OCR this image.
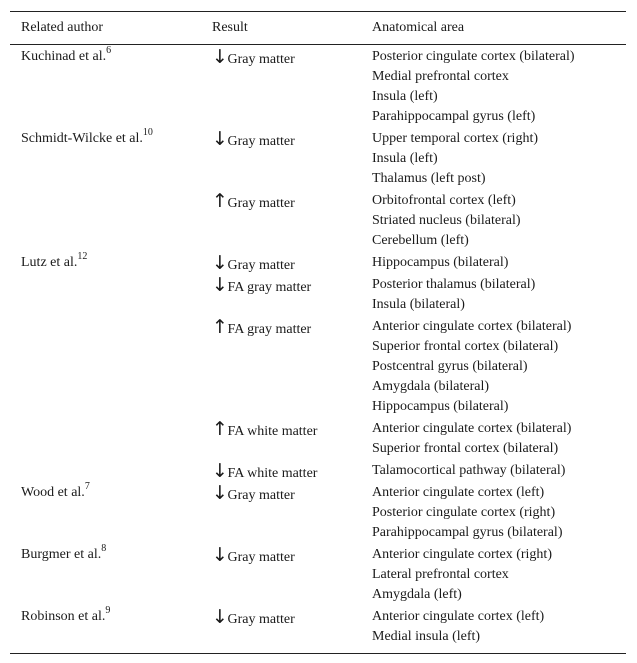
Related author	Result	Anatomical area
Kuchinad et al.$^6$	↓ Gray matter	Posterior cingulate cortex (bilateral)
Medial prefrontal cortex
Insula (left)
Parahippocampal gyrus (left)
Schmidt-Wilcke et al.$^{10}$	↓ Gray matter	Upper temporal cortex (right)
Insula (left)
Thalamus (left post)
↑ Gray matter	Orbitofrontal cortex (left)
Striated nucleus (bilateral)
Cerebellum (left)
Lutz et al.$^{12}$	↓ Gray matter	Hippocampus (bilateral)
↓ FA gray matter	Posterior thalamus (bilateral)
Insula (bilateral)
↑ FA gray matter	Anterior cingulate cortex (bilateral)
Superior frontal cortex (bilateral)
Postcentral gyrus (bilateral)
Amygdala (bilateral)
Hippocampus (bilateral)
↑ FA white matter	Anterior cingulate cortex (bilateral)
Superior frontal cortex (bilateral)
↓ FA white matter	Talamocortical pathway (bilateral)
Wood et al.$^7$	↓ Gray matter	Anterior cingulate cortex (left)
Posterior cingulate cortex (right)
Parahippocampal gyrus (bilateral)
Burgmer et al.$^8$	↓ Gray matter	Anterior cingulate cortex (right)
Lateral prefrontal cortex
Amygdala (left)
Robinson et al.$^9$	↓ Gray matter	Anterior cingulate cortex (left)
Medial insula (left)
